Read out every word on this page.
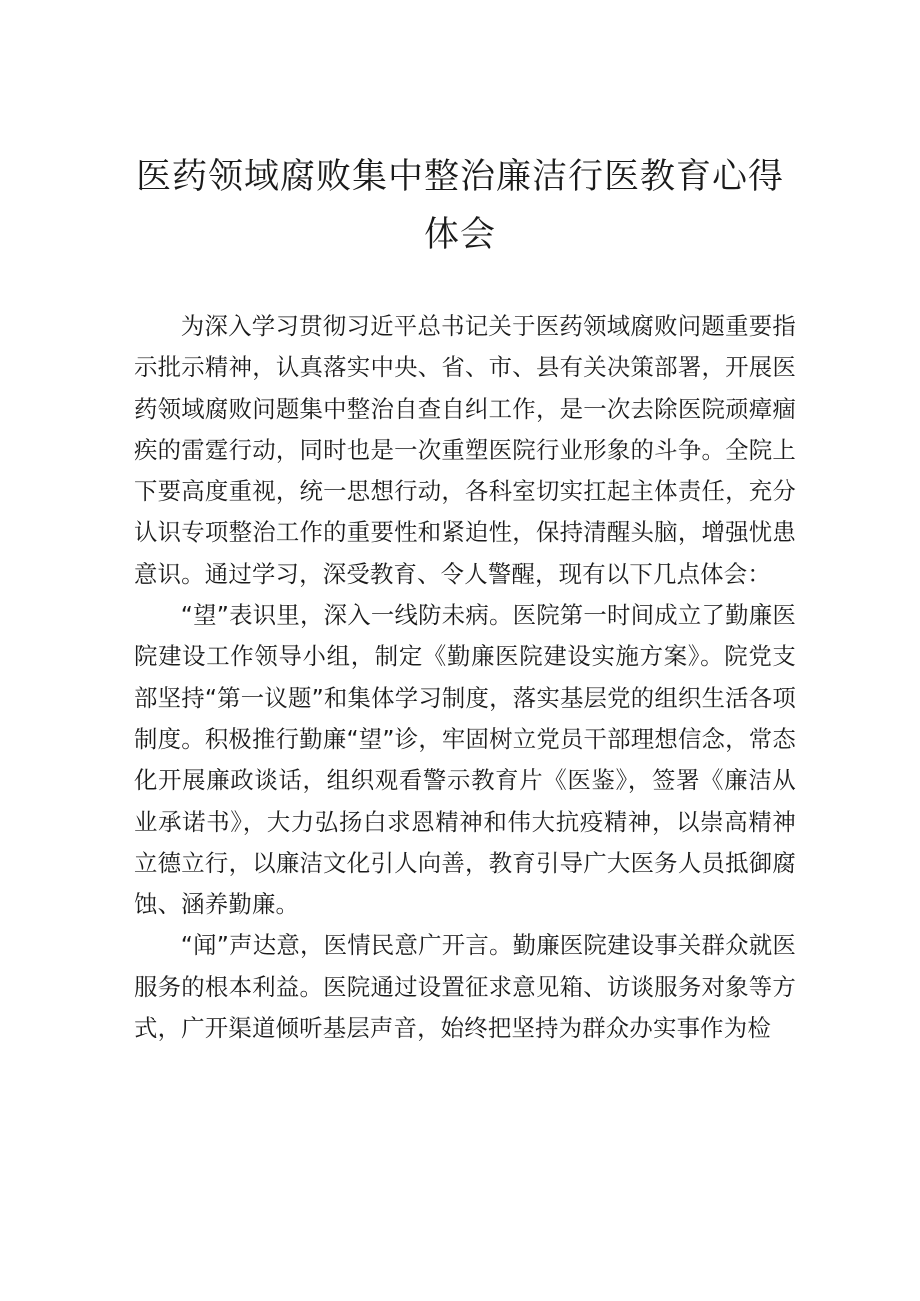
医药领域腐败集中整治廉洁行医教育心得
体会

为深入学习贯彻习近平总书记关于医药领域腐败问题重要指示批示精神，认真落实中央、省、市、县有关决策部署，开展医药领域腐败问题集中整治自查自纠工作，是一次去除医院顽瘴痼疾的雷霆行动，同时也是一次重塑医院行业形象的斗争。全院上下要高度重视，统一思想行动，各科室切实扛起主体责任，充分认识专项整治工作的重要性和紧迫性，保持清醒头脑，增强忧患意识。通过学习，深受教育、令人警醒，现有以下几点体会：

“望”表识里，深入一线防未病。医院第一时间成立了勤廉医院建设工作领导小组，制定《勤廉医院建设实施方案》。院党支部坚持“第一议题”和集体学习制度，落实基层党的组织生活各项制度。积极推行勤廉“望”诊，牢固树立党员干部理想信念，常态化开展廉政谈话，组织观看警示教育片《医鉴》，签署《廉洁从业承诺书》，大力弘扬白求恩精神和伟大抗疫精神，以崇高精神立德立行，以廉洁文化引人向善，教育引导广大医务人员抵御腐蚀、涵养勤廉。

“闻”声达意，医情民意广开言。勤廉医院建设事关群众就医服务的根本利益。医院通过设置征求意见箱、访谈服务对象等方式，广开渠道倾听基层声音，始终把坚持为群众办实事作为检
